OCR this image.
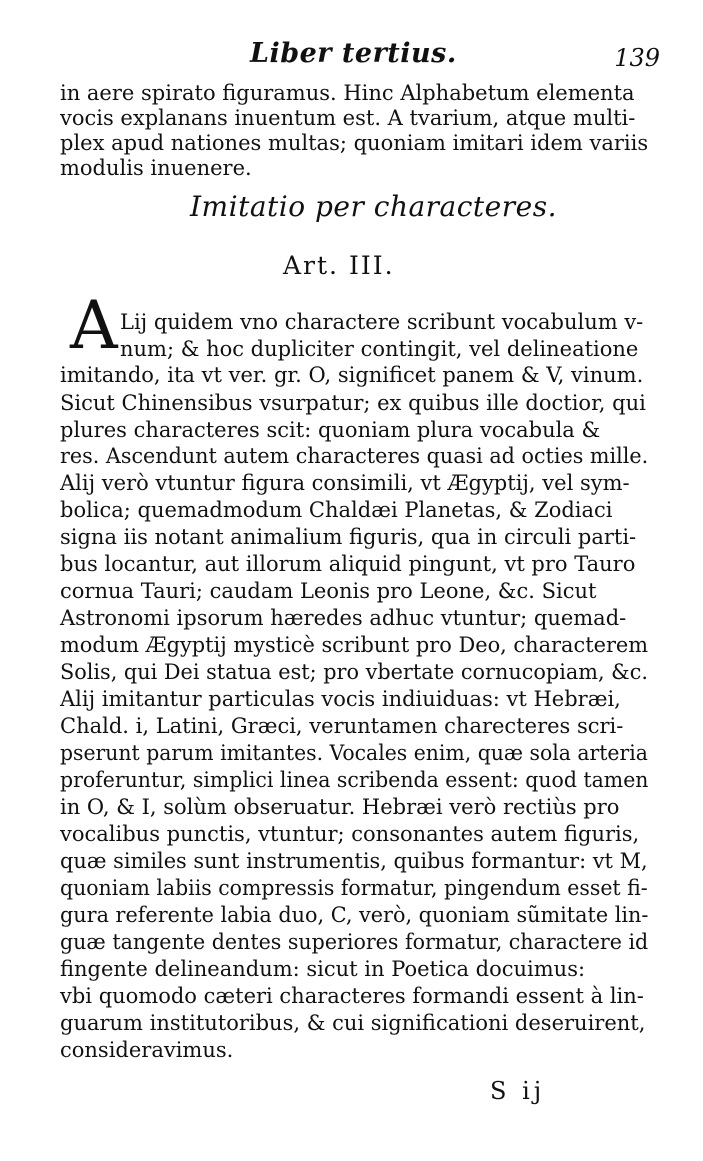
Liber tertius.	139
in aere spirato figuramus. Hinc Alphabetum elementa
vocis explanans inuentum est. A tvarium, atque multi-
plex apud nationes multas; quoniam imitari idem variis
modulis inuenere.
Imitatio per characteres.
Art. III.
A Lij quidem vno charactere scribunt vocabulum v-
num; & hoc dupliciter contingit, vel delineatione
imitando, ita vt ver. gr. O, significet panem & V, vinum.
Sicut Chinensibus vsurpatur; ex quibus ille doctior, qui
plures characteres scit: quoniam plura vocabula &
res. Ascendunt autem characteres quasi ad octies mille.
Alij verò vtuntur figura consimili, vt Ægyptij, vel sym-
bolica; quemadmodum Chaldæi Planetas, & Zodiaci
signa iis notant animalium figuris, qua in circuli parti-
bus locantur, aut illorum aliquid pingunt, vt pro Tauro
cornua Tauri; caudam Leonis pro Leone, &c. Sicut
Astronomi ipsorum hæredes adhuc vtuntur; quemad-
modum Ægyptij mysticè scribunt pro Deo, characterem
Solis, qui Dei statua est; pro vbertate cornucopiam, &c.
Alij imitantur particulas vocis indiuiduas: vt Hebræi,
Chald. i, Latini, Græci, veruntamen charecteres scri-
pserunt parum imitantes. Vocales enim, quæ sola arteria
proferuntur, simplici linea scribenda essent: quod tamen
in O, & I, solùm obseruatur. Hebræi verò rectiùs pro
vocalibus punctis, vtuntur; consonantes autem figuris,
quæ similes sunt instrumentis, quibus formantur: vt M,
quoniam labiis compressis formatur, pingendum esset fi-
gura referente labia duo, C, verò, quoniam sũmitate lin-
guæ tangente dentes superiores formatur, charactere id
fingente delineandum: sicut in Poetica docuimus:
vbi quomodo cæteri characteres formandi essent à lin-
guarum institutoribus, & cui significationi deseruirent,
consideravimus.
S ij
